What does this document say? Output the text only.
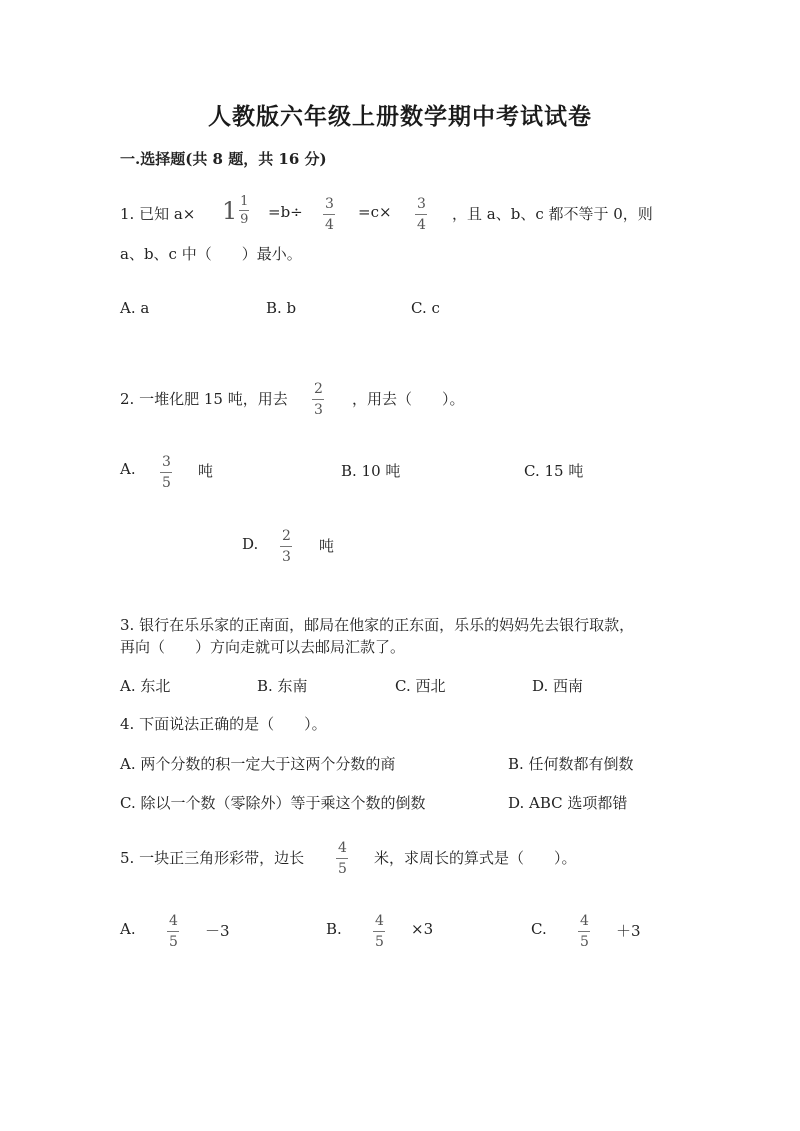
人教版六年级上册数学期中考试试卷
一.选择题(共 8 题，共 16 分)
1. 已知 a× 1 1
9 =b÷ 3
4
=c× 3
4
，且 a、b、c 都不等于 0，则
a、b、c 中（　　）最小。
A. a	B. b	C. c
2. 一堆化肥 15 吨，用去
2
3
，用去（　　）。
A. 3
5
吨	B. 10 吨	C. 15 吨
D. 2
3
吨
3. 银行在乐乐家的正南面，邮局在他家的正东面，乐乐的妈妈先去银行取款，
再向（　　）方向走就可以去邮局汇款了。
A. 东北	B. 东南	C. 西北	D. 西南
4. 下面说法正确的是（　　）。
A. 两个分数的积一定大于这两个分数的商	B. 任何数都有倒数
C. 除以一个数（零除外）等于乘这个数的倒数	D. ABC 选项都错
5. 一块正三角形彩带，边长
4
5
米，求周长的算式是（　　）。
A. 4
5
－3	B. 4
5
×3	C. 4
5
＋3
